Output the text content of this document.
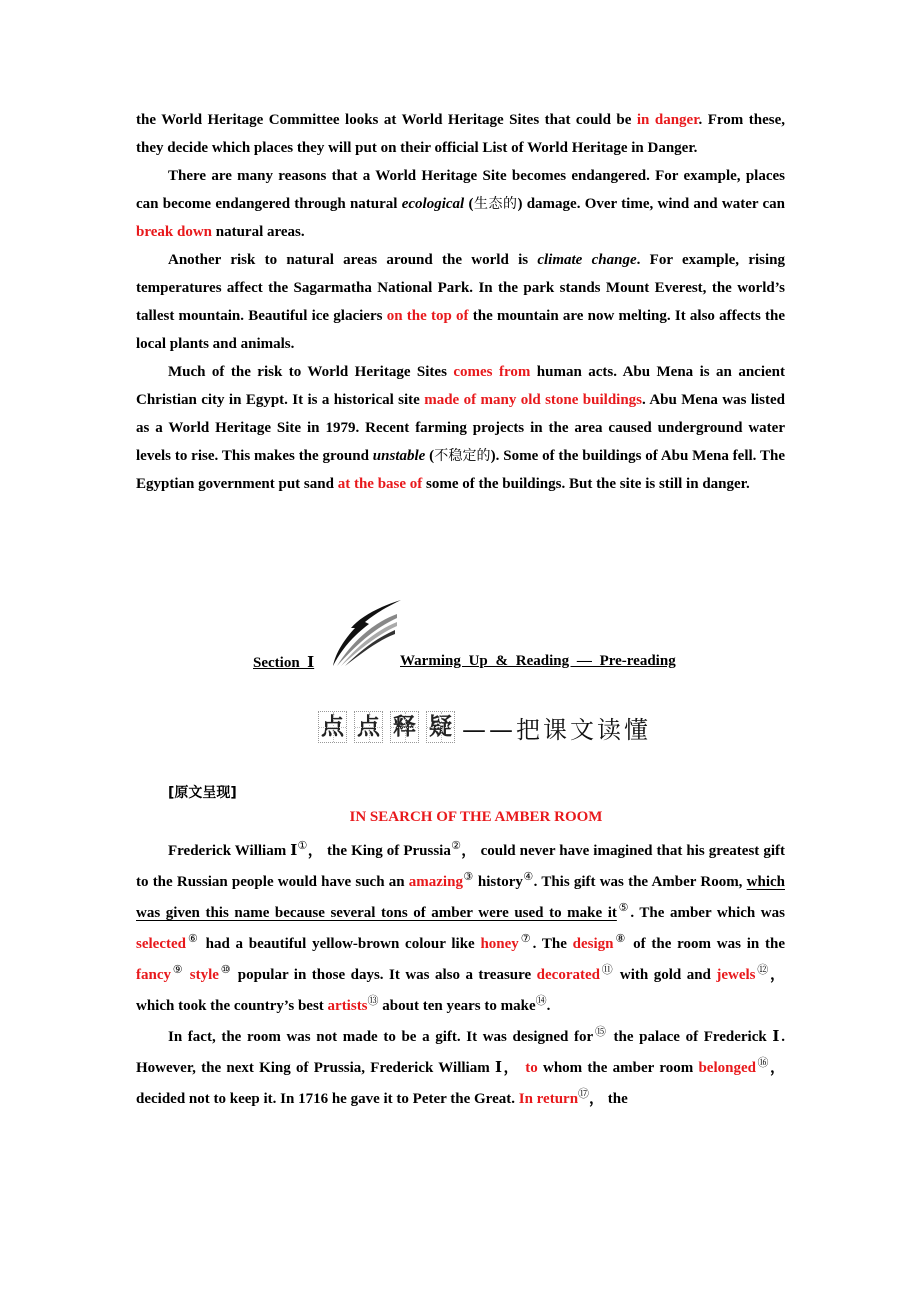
the World Heritage Committee looks at World Heritage Sites that could be in danger. From these, they decide which places they will put on their official List of World Heritage in Danger.

There are many reasons that a World Heritage Site becomes endangered. For example, places can become endangered through natural ecological (生态的) damage. Over time, wind and water can break down natural areas.

Another risk to natural areas around the world is climate change. For example, rising temperatures affect the Sagarmatha National Park. In the park stands Mount Everest, the world’s tallest mountain. Beautiful ice glaciers on the top of the mountain are now melting. It also affects the local plants and animals.

Much of the risk to World Heritage Sites comes from human acts. Abu Mena is an ancient Christian city in Egypt. It is a historical site made of many old stone buildings. Abu Mena was listed as a World Heritage Site in 1979. Recent farming projects in the area caused underground water levels to rise. This makes the ground unstable (不稳定的). Some of the buildings of Abu Mena fell. The Egyptian government put sand at the base of some of the buildings. But the site is still in danger.

Section  Ⅰ	Warming Up & Reading — Pre-reading
点 点 释 疑 ——把课文读懂
[原文呈现]
IN SEARCH OF THE AMBER ROOM

Frederick William Ⅰ①， the King of Prussia②， could never have imagined that his greatest gift to the Russian people would have such an amazing③ history④. This gift was the Amber Room, which was given this name because several tons of amber were used to make it⑤. The amber which was selected⑥ had a beautiful yellow-brown colour like honey⑦. The design⑧ of the room was in the fancy⑨ style⑩ popular in those days. It was also a treasure decorated⑪ with gold and jewels⑫， which took the country’s best artists⑬ about ten years to make⑭.

In fact, the room was not made to be a gift. It was designed for⑮ the palace of Frederick Ⅰ. However, the next King of Prussia, Frederick William Ⅰ， to whom the amber room belonged⑯， decided not to keep it. In 1716 he gave it to Peter the Great. In return⑰， the
